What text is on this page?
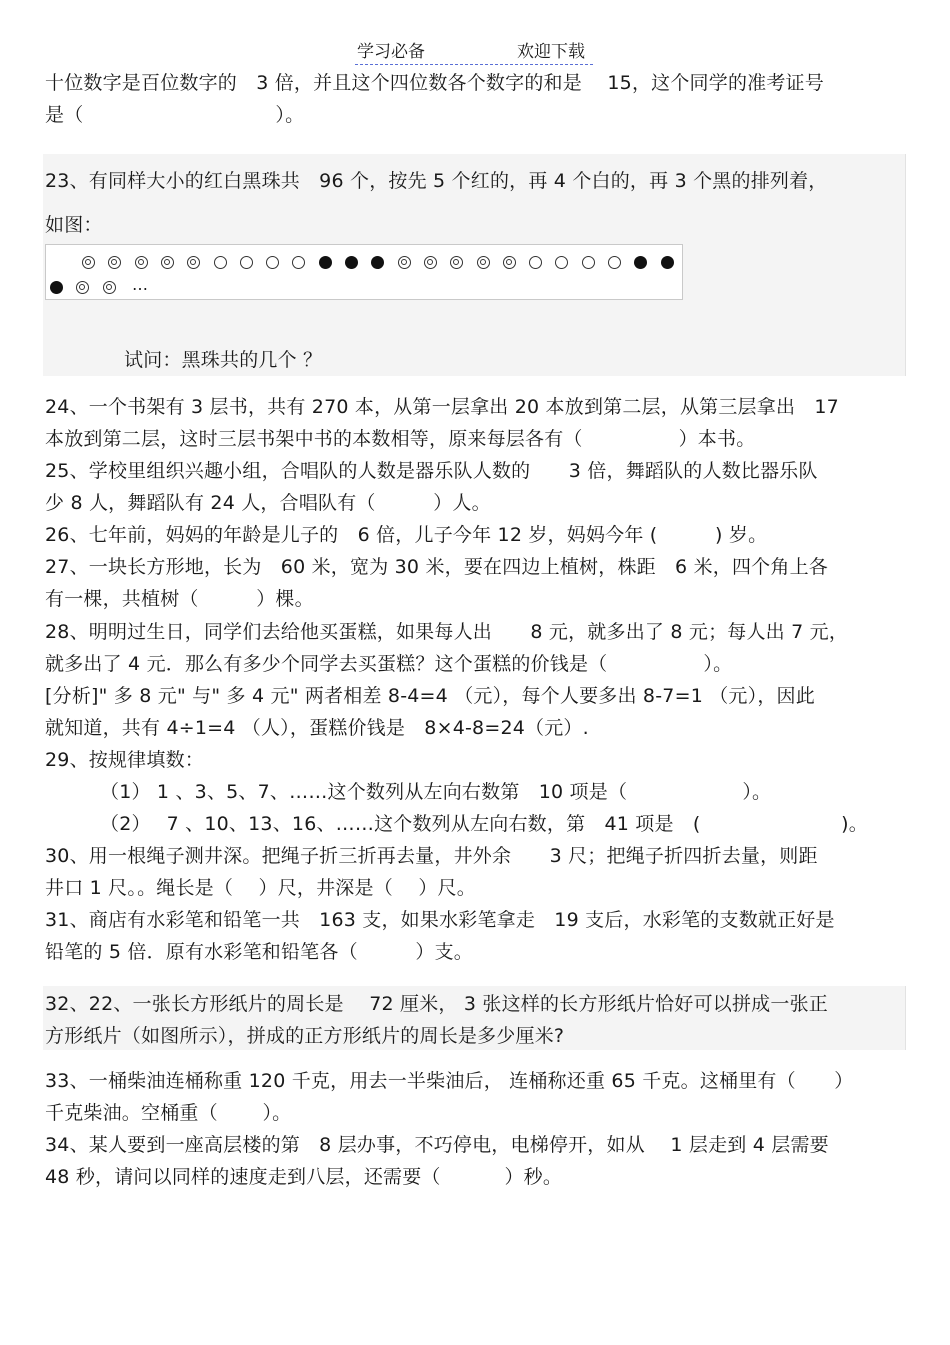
学习必备	欢迎下载
十位数字是百位数字的　3 倍，并且这个四位数各个数字的和是　 15，这个同学的准考证号
是（　　　　　　　　　　）。
23、有同样大小的红白黑珠共　96 个，按先 5 个红的，再 4 个白的，再 3 个黑的排列着，
如图：
…
试问：黑珠共的几个 ？
24、一个书架有 3 层书，共有 270 本，从第一层拿出 20 本放到第二层，从第三层拿出　17
本放到第二层，这时三层书架中书的本数相等，原来每层各有（　　　　　）本书。
25、学校里组织兴趣小组，合唱队的人数是器乐队人数的　　3 倍，舞蹈队的人数比器乐队
少 8 人，舞蹈队有 24 人，合唱队有（　　　）人。
26、七年前，妈妈的年龄是儿子的　6 倍，儿子今年 12 岁，妈妈今年 (　　　) 岁。
27、一块长方形地，长为　60 米，宽为 30 米，要在四边上植树，株距　6 米，四个角上各
有一棵，共植树（　　　）棵。
28、明明过生日，同学们去给他买蛋糕，如果每人出　　8 元，就多出了 8 元；每人出 7 元，
就多出了 4 元．那么有多少个同学去买蛋糕？这个蛋糕的价钱是（　　　　　）。
[分析]" 多 8 元" 与" 多 4 元" 两者相差 8-4=4 （元），每个人要多出 8-7=1 （元），因此
就知道，共有 4÷1=4 （人），蛋糕价钱是　8×4-8=24（元）.
29、按规律填数：
（1） 1 、3、5、7、……这个数列从左向右数第　10 项是（　　　　　　）。
（2）　 7 、10、13、16、……这个数列从左向右数，第　41 项是　(　　　　　　　 )。
30、用一根绳子测井深。把绳子折三折再去量，井外余　　3 尺；把绳子折四折去量，则距
井口 1 尺。。绳长是（　 ）尺，井深是（　 ）尺。
31、商店有水彩笔和铅笔一共　163 支，如果水彩笔拿走　19 支后，水彩笔的支数就正好是
铅笔的 5 倍．原有水彩笔和铅笔各（　　　）支。
32、22、一张长方形纸片的周长是　 72 厘米， 3 张这样的长方形纸片恰好可以拼成一张正
方形纸片（如图所示），拼成的正方形纸片的周长是多少厘米?
33、一桶柴油连桶称重 120 千克，用去一半柴油后， 连桶称还重 65 千克。这桶里有（　　）
千克柴油。空桶重（　　 ）。
34、某人要到一座高层楼的第　8 层办事，不巧停电，电梯停开，如从　 1 层走到 4 层需要
48 秒，请问以同样的速度走到八层，还需要（　　　 ）秒。
